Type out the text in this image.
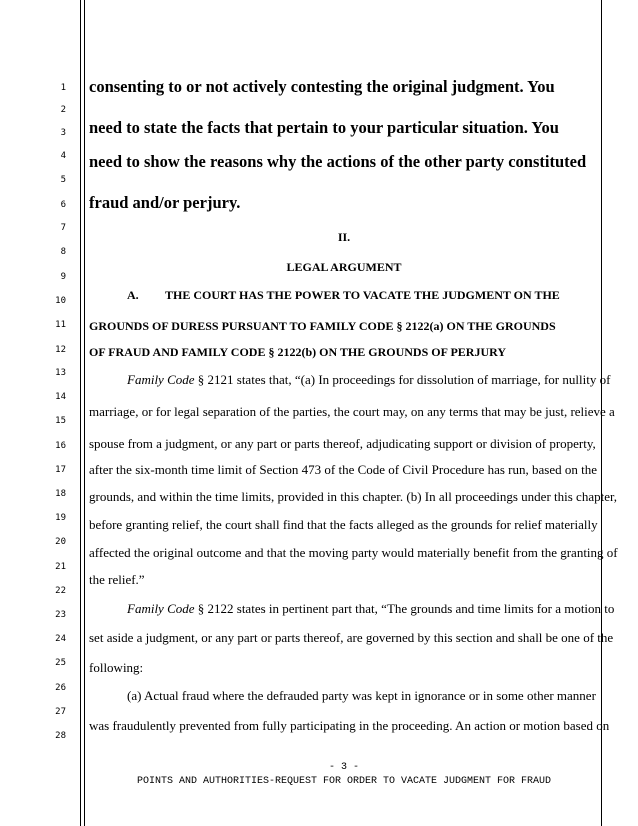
1
2
3
4
5
6
7
8
9
10
11
12
13
14
15
16
17
18
19
20
21
22
23
24
25
26
27
28
consenting to or not actively contesting the original judgment. You
need to state the facts that pertain to your particular situation. You
need to show the reasons why the actions of the other party constituted
fraud and/or perjury.
II.
LEGAL ARGUMENT
A. THE COURT HAS THE POWER TO VACATE THE JUDGMENT ON THE
GROUNDS OF DURESS PURSUANT TO FAMILY CODE § 2122(a) ON THE GROUNDS
OF FRAUD AND FAMILY CODE § 2122(b) ON THE GROUNDS OF PERJURY
Family Code § 2121 states that, “(a) In proceedings for dissolution of marriage, for nullity of
marriage, or for legal separation of the parties, the court may, on any terms that may be just, relieve a
spouse from a judgment, or any part or parts thereof, adjudicating support or division of property,
after the six-month time limit of Section 473 of the Code of Civil Procedure has run, based on the
grounds, and within the time limits, provided in this chapter. (b) In all proceedings under this chapter,
before granting relief, the court shall find that the facts alleged as the grounds for relief materially
affected the original outcome and that the moving party would materially benefit from the granting of
the relief.”
Family Code § 2122 states in pertinent part that, “The grounds and time limits for a motion to
set aside a judgment, or any part or parts thereof, are governed by this section and shall be one of the
following:
(a) Actual fraud where the defrauded party was kept in ignorance or in some other manner
was fraudulently prevented from fully participating in the proceeding. An action or motion based on
- 3 -
POINTS AND AUTHORITIES-REQUEST FOR ORDER TO VACATE JUDGMENT FOR FRAUD
